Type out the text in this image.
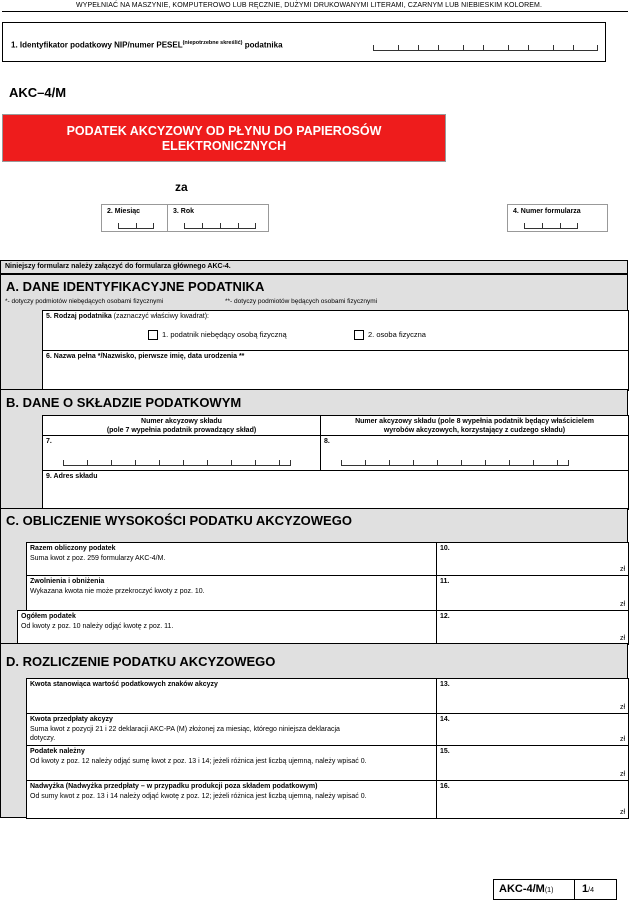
WYPEŁNIAĆ NA MASZYNIE, KOMPUTEROWO LUB RĘCZNIE, DUŻYMI DRUKOWANYMI LITERAMI, CZARNYM LUB NIEBIESKIM KOLOREM.
1. Identyfikator podatkowy NIP/numer $PESEL^{(niepotrzebne skreślić)}$ podatnika
AKC–4/M
PODATEK AKCYZOWY OD PŁYNU DO PAPIEROSÓW
ELEKTRONICZNYCH
za
2. Miesiąc	3. Rok	4. Numer formularza
Niniejszy formularz należy załączyć do formularza głównego AKC-4.
A. DANE IDENTYFIKACYJNE PODATNIKA
*- dotyczy podmiotów niebędących osobami fizycznymi	**- dotyczy podmiotów będących osobami fizycznymi
5. Rodzaj podatnika (zaznaczyć właściwy kwadrat):
1. podatnik niebędący osobą fizyczną	2. osoba fizyczna
6. Nazwa pełna */Nazwisko, pierwsze imię, data urodzenia **
B. DANE O SKŁADZIE PODATKOWYM
Numer akcyzowy składu
(pole 7 wypełnia podatnik prowadzący skład)
Numer akcyzowy składu (pole 8 wypełnia podatnik będący właścicielem
wyrobów akcyzowych, korzystający z cudzego składu)
7.	8.
9. Adres składu
C. OBLICZENIE WYSOKOŚCI PODATKU AKCYZOWEGO
Razem obliczony podatek
Suma kwot z poz. 259 formularzy AKC-4/M.
10.
zł
Zwolnienia i obniżenia
Wykazana kwota nie może przekroczyć kwoty z poz. 10.
11.
zł
Ogółem podatek
Od kwoty z poz. 10 należy odjąć kwotę z poz. 11.
12.
zł
D. ROZLICZENIE PODATKU AKCYZOWEGO
Kwota stanowiąca wartość podatkowych znaków akcyzy	13.
zł
Kwota przedpłaty akcyzy
Suma kwot z pozycji 21 i 22 deklaracji AKC-PA (M) złożonej za miesiąc, którego niniejsza deklaracja
dotyczy.
14.
zł
Podatek należny
Od kwoty z poz. 12 należy odjąć sumę kwot z poz. 13 i 14; jeżeli różnica jest liczbą ujemną, należy wpisać 0.
15.
zł
Nadwyżka (Nadwyżka przedpłaty – w przypadku produkcji poza składem podatkowym)
Od sumy kwot z poz. 13 i 14 należy odjąć kwotę z poz. 12; jeżeli różnica jest liczbą ujemną, należy wpisać 0.
16.
zł
AKC-4/M(1)	1/4
